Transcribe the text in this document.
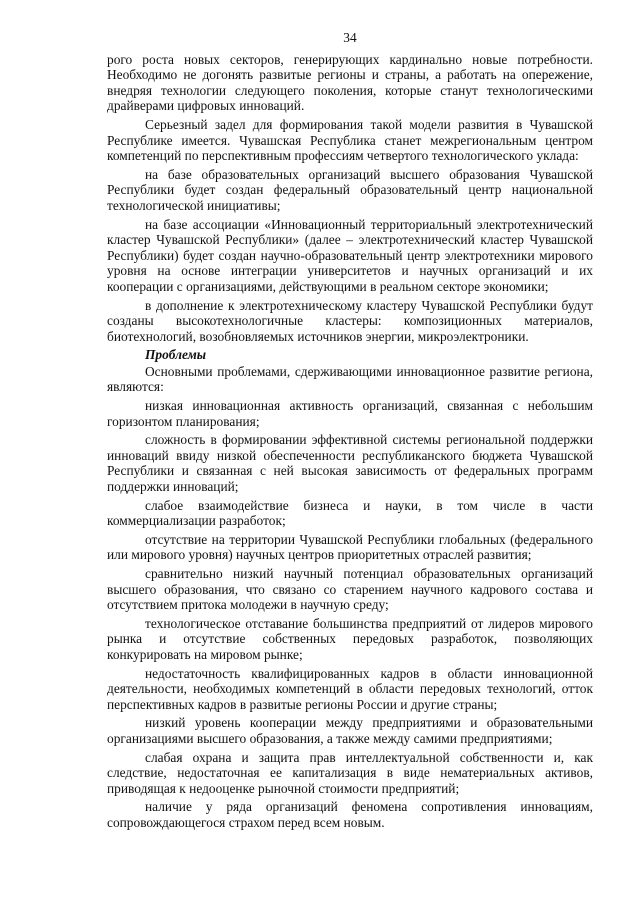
34

рого роста новых секторов, генерирующих кардинально новые потребности. Необходимо не догонять развитые регионы и страны, а работать на опережение, внедряя технологии следующего поколения, которые станут технологическими драйверами цифровых инноваций.

Серьезный задел для формирования такой модели развития в Чувашской Республике имеется. Чувашская Республика станет межрегиональным центром компетенций по перспективным профессиям четвертого технологического уклада:

на базе образовательных организаций высшего образования Чувашской Республики будет создан федеральный образовательный центр национальной технологической инициативы;

на базе ассоциации «Инновационный территориальный электротехнический кластер Чувашской Республики» (далее – электротехнический кластер Чувашской Республики) будет создан научно-образовательный центр электротехники мирового уровня на основе интеграции университетов и научных организаций и их кооперации с организациями, действующими в реальном секторе экономики;

в дополнение к электротехническому кластеру Чувашской Республики будут созданы высокотехнологичные кластеры: композиционных материалов, биотехнологий, возобновляемых источников энергии, микроэлектроники.

Проблемы

Основными проблемами, сдерживающими инновационное развитие региона, являются:

низкая инновационная активность организаций, связанная с небольшим горизонтом планирования;

сложность в формировании эффективной системы региональной поддержки инноваций ввиду низкой обеспеченности республиканского бюджета Чувашской Республики и связанная с ней высокая зависимость от федеральных программ поддержки инноваций;

слабое взаимодействие бизнеса и науки, в том числе в части коммерциализации разработок;

отсутствие на территории Чувашской Республики глобальных (федерального или мирового уровня) научных центров приоритетных отраслей развития;

сравнительно низкий научный потенциал образовательных организаций высшего образования, что связано со старением научного кадрового состава и отсутствием притока молодежи в научную среду;

технологическое отставание большинства предприятий от лидеров мирового рынка и отсутствие собственных передовых разработок, позволяющих конкурировать на мировом рынке;

недостаточность квалифицированных кадров в области инновационной деятельности, необходимых компетенций в области передовых технологий, отток перспективных кадров в развитые регионы России и другие страны;

низкий уровень кооперации между предприятиями и образовательными организациями высшего образования, а также между самими предприятиями;

слабая охрана и защита прав интеллектуальной собственности и, как следствие, недостаточная ее капитализация в виде нематериальных активов, приводящая к недооценке рыночной стоимости предприятий;

наличие у ряда организаций феномена сопротивления инновациям, сопровождающегося страхом перед всем новым.
